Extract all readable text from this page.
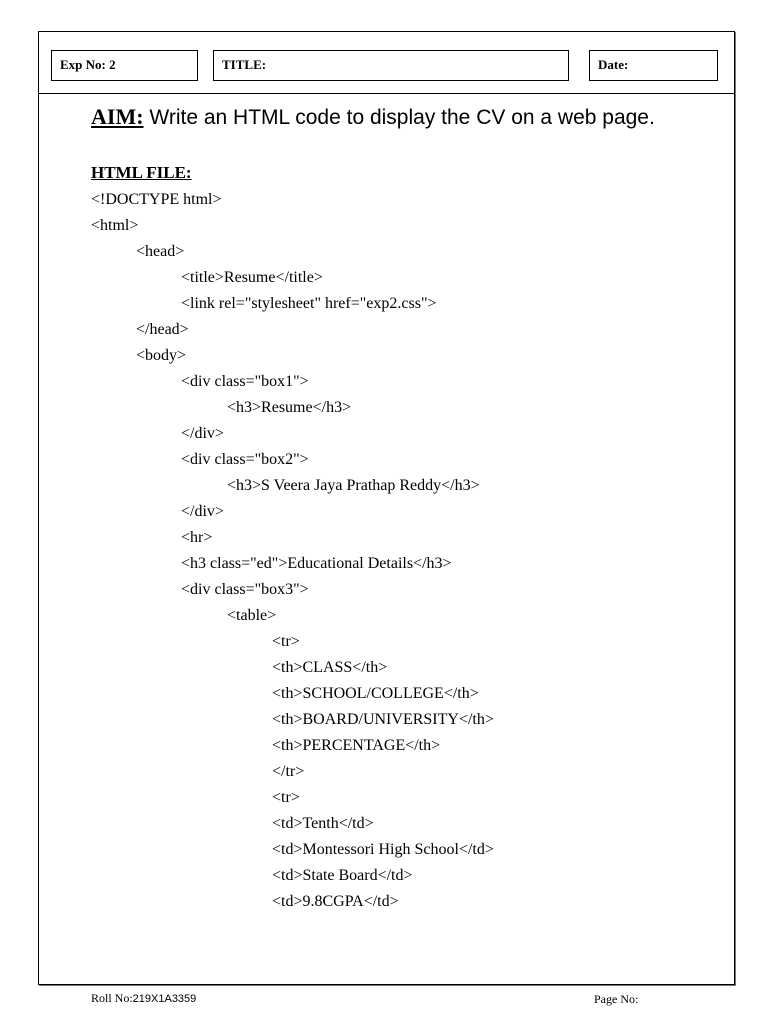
Exp No: 2	TITLE:	Date:
AIM: Write an HTML code to display the CV on a web page.
HTML FILE:
<!DOCTYPE html>
<html>
<head>
<title>Resume</title>
<link rel="stylesheet" href="exp2.css">
</head>
<body>
<div class="box1">
<h3>Resume</h3>
</div>
<div class="box2">
<h3>S Veera Jaya Prathap Reddy</h3>
</div>
<hr>
<h3 class="ed">Educational Details</h3>
<div class="box3">
<table>
<tr>
<th>CLASS</th>
<th>SCHOOL/COLLEGE</th>
<th>BOARD/UNIVERSITY</th>
<th>PERCENTAGE</th>
</tr>
<tr>
<td>Tenth</td>
<td>Montessori High School</td>
<td>State Board</td>
<td>9.8CGPA</td>
Roll No:219X1A3359	Page No:
